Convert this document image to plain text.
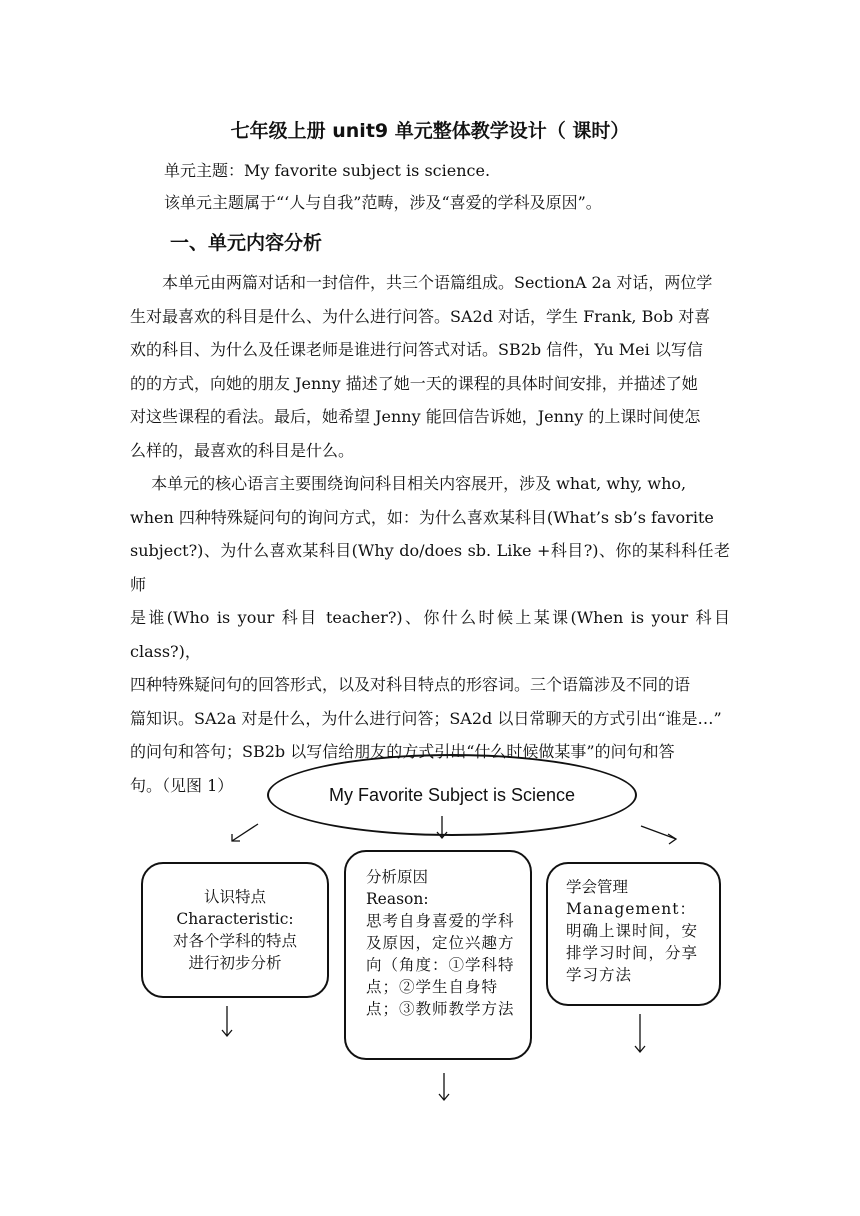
七年级上册 unit9 单元整体教学设计（ 课时）
单元主题：My favorite subject is science.
该单元主题属于“‘人与自我”范畴，涉及“喜爱的学科及原因”。
一、单元内容分析

　　本单元由两篇对话和一封信件，共三个语篇组成。SectionA 2a 对话，两位学

生对最喜欢的科目是什么、为什么进行问答。SA2d 对话，学生 Frank, Bob 对喜

欢的科目、为什么及任课老师是谁进行问答式对话。SB2b 信件，Yu Mei 以写信

的的方式，向她的朋友 Jenny 描述了她一天的课程的具体时间安排，并描述了她

对这些课程的看法。最后，她希望 Jenny 能回信告诉她，Jenny 的上课时间使怎

么样的，最喜欢的科目是什么。

　 本单元的核心语言主要围绕询问科目相关内容展开，涉及 what, why, who,

when 四种特殊疑问句的询问方式，如：为什么喜欢某科目(What’s sb’s favorite

subject?)、为什么喜欢某科目(Why do/does sb. Like +科目?)、你的某科科任老师

是谁(Who is your 科目 teacher?)、你什么时候上某课(When is your 科目 class?)，

四种特殊疑问句的回答形式，以及对科目特点的形容词。三个语篇涉及不同的语

篇知识。SA2a 对是什么，为什么进行问答；SA2d 以日常聊天的方式引出“谁是…”

的问句和答句；SB2b 以写信给朋友的方式引出“什么时候做某事”的问句和答

句。（见图 1）	My Favorite Subject is Science
认识特点
Characteristic:
对各个学科的特点
进行初步分析
分析原因
Reason:
思考自身喜爱的学科及原因，定位兴趣方向（角度：①学科特点；②学生自身特点；③教师教学方法
学会管理
Management：明确上课时间，安排学习时间，分享学习方法
